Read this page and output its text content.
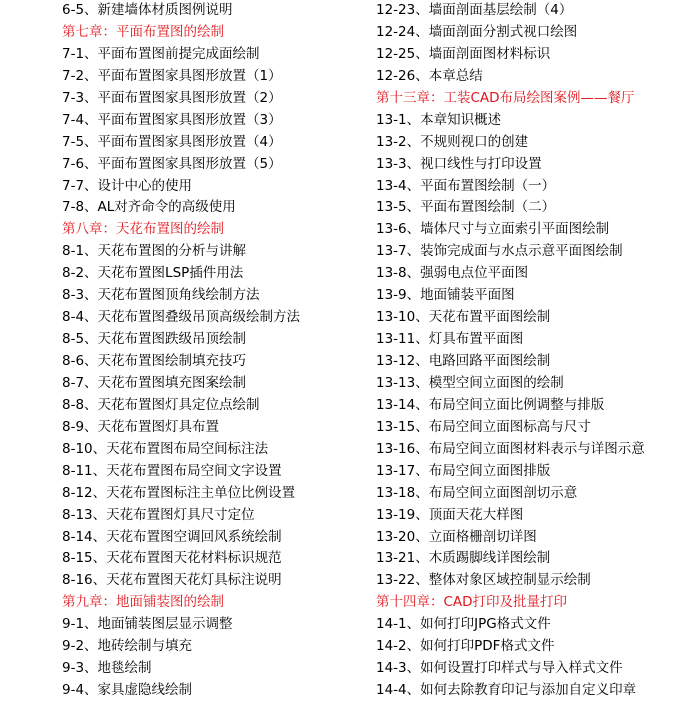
6-5、新建墙体材质图例说明
第七章：平面布置图的绘制
7-1、平面布置图前提完成面绘制
7-2、平面布置图家具图形放置（1）
7-3、平面布置图家具图形放置（2）
7-4、平面布置图家具图形放置（3）
7-5、平面布置图家具图形放置（4）
7-6、平面布置图家具图形放置（5）
7-7、设计中心的使用
7-8、AL对齐命令的高级使用
第八章：天花布置图的绘制
8-1、天花布置图的分析与讲解
8-2、天花布置图LSP插件用法
8-3、天花布置图顶角线绘制方法
8-4、天花布置图叠级吊顶高级绘制方法
8-5、天花布置图跌级吊顶绘制
8-6、天花布置图绘制填充技巧
8-7、天花布置图填充图案绘制
8-8、天花布置图灯具定位点绘制
8-9、天花布置图灯具布置
8-10、天花布置图布局空间标注法
8-11、天花布置图布局空间文字设置
8-12、天花布置图标注主单位比例设置
8-13、天花布置图灯具尺寸定位
8-14、天花布置图空调回风系统绘制
8-15、天花布置图天花材料标识规范
8-16、天花布置图天花灯具标注说明
第九章：地面铺装图的绘制
9-1、地面铺装图层显示调整
9-2、地砖绘制与填充
9-3、地毯绘制
9-4、家具虚隐线绘制
12-23、墙面剖面基层绘制（4）
12-24、墙面剖面分割式视口绘图
12-25、墙面剖面图材料标识
12-26、本章总结
第十三章：工装CAD布局绘图案例——餐厅
13-1、本章知识概述
13-2、不规则视口的创建
13-3、视口线性与打印设置
13-4、平面布置图绘制（一）
13-5、平面布置图绘制（二）
13-6、墙体尺寸与立面索引平面图绘制
13-7、装饰完成面与水点示意平面图绘制
13-8、强弱电点位平面图
13-9、地面铺装平面图
13-10、天花布置平面图绘制
13-11、灯具布置平面图
13-12、电路回路平面图绘制
13-13、模型空间立面图的绘制
13-14、布局空间立面比例调整与排版
13-15、布局空间立面图标高与尺寸
13-16、布局空间立面图材料表示与详图示意
13-17、布局空间立面图排版
13-18、布局空间立面图剖切示意
13-19、顶面天花大样图
13-20、立面格栅剖切详图
13-21、木质踢脚线详图绘制
13-22、整体对象区域控制显示绘制
第十四章：CAD打印及批量打印
14-1、如何打印JPG格式文件
14-2、如何打印PDF格式文件
14-3、如何设置打印样式与导入样式文件
14-4、如何去除教育印记与添加自定义印章
